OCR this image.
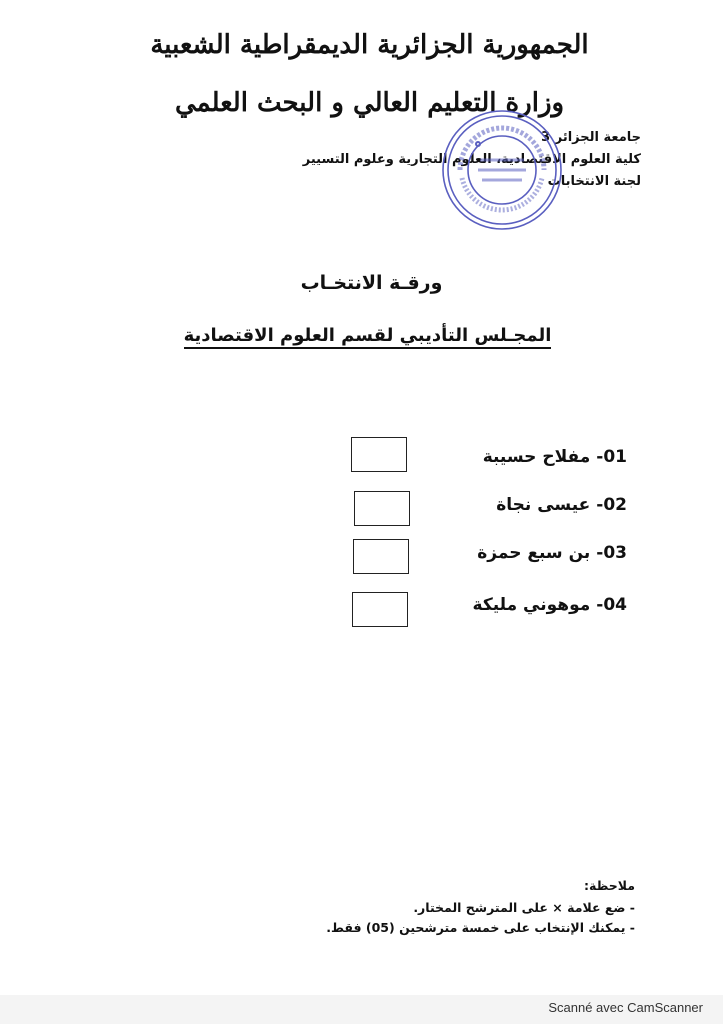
الجمهورية الجزائرية الديمقراطية الشعبية
وزارة التعليم العالي و البحث العلمي
جامعة الجزائر 3
كلية العلوم الاقتصادية، العلوم التجارية وعلوم التسيير
لجنة الانتخابات
ورقـة الانتخـاب
المجـلس التأديبي لقسم العلوم الاقتصادية
01-مفلاح حسيبة
02-عيسى نجاة
03-بن سبع حمزة
04-موهوني مليكة
ملاحظة:
- ضع علامة × على المترشح المختار.
- يمكنك الإنتخاب على خمسة مترشحين (05) فقط.
Scanné avec CamScanner
